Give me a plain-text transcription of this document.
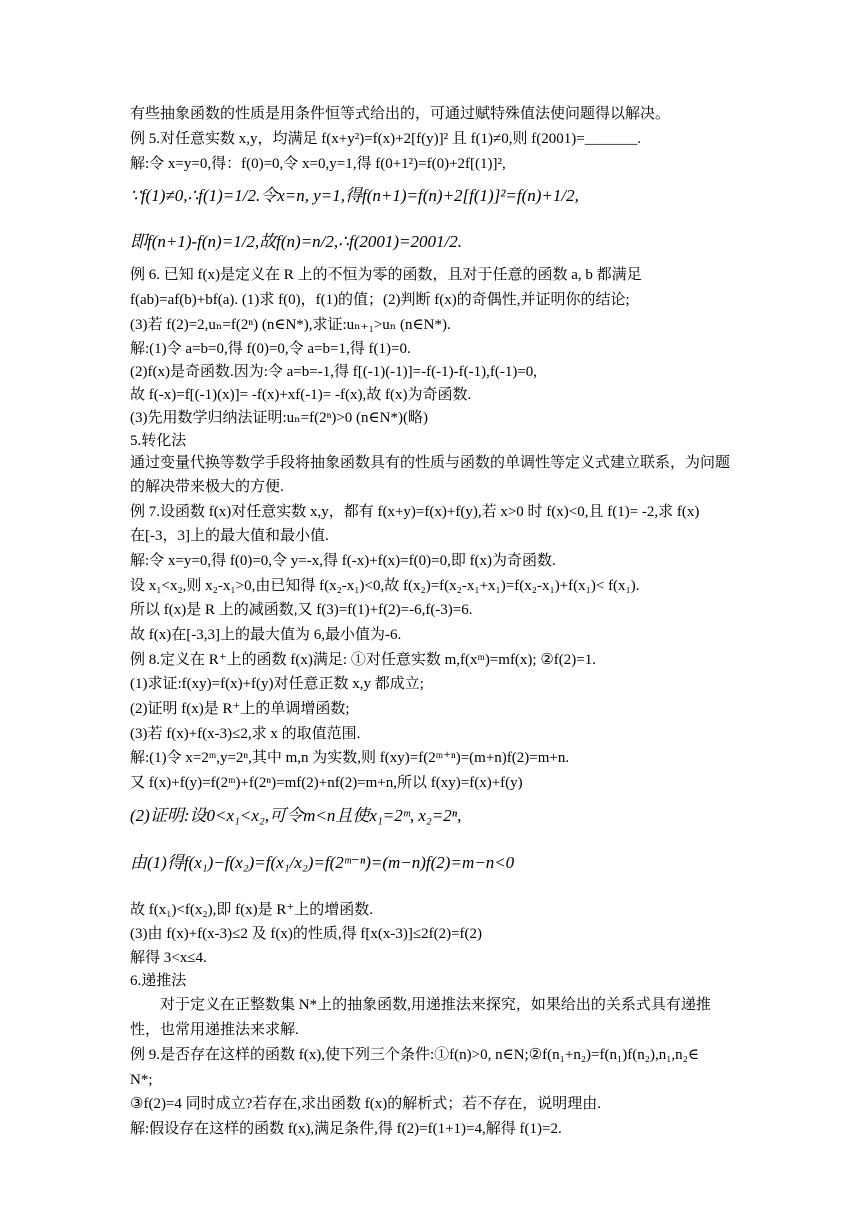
有些抽象函数的性质是用条件恒等式给出的，可通过赋特殊值法使问题得以解决。
例 5.对任意实数 x,y，均满足 f(x+y²)=f(x)+2[f(y)]² 且 f(1)≠0,则 f(2001)=_______.
解:令 x=y=0,得：f(0)=0,令 x=0,y=1,得 f(0+1²)=f(0)+2f[(1)]²,
∵f(1)≠0,∴f(1)=1/2.令x=n, y=1,得f(n+1)=f(n)+2[f(1)]²=f(n)+1/2,
即f(n+1)-f(n)=1/2,故f(n)=n/2,∴f(2001)=2001/2.
例 6. 已知 f(x)是定义在 R 上的不恒为零的函数，且对于任意的函数 a, b 都满足
f(ab)=af(b)+bf(a). (1)求 f(0)，f(1)的值；(2)判断 f(x)的奇偶性,并证明你的结论;
(3)若 f(2)=2,uₙ=f(2ⁿ) (n∈N*),求证:uₙ₊₁>uₙ (n∈N*).
解:(1)令 a=b=0,得 f(0)=0,令 a=b=1,得 f(1)=0.
(2)f(x)是奇函数.因为:令 a=b=-1,得 f[(-1)(-1)]=-f(-1)-f(-1),f(-1)=0,
故 f(-x)=f[(-1)(x)]= -f(x)+xf(-1)= -f(x),故 f(x)为奇函数.
(3)先用数学归纳法证明:uₙ=f(2ⁿ)>0 (n∈N*)(略)
5.转化法
通过变量代换等数学手段将抽象函数具有的性质与函数的单调性等定义式建立联系，为问题
的解决带来极大的方便.
例 7.设函数 f(x)对任意实数 x,y，都有 f(x+y)=f(x)+f(y),若 x>0 时 f(x)<0,且 f(1)= -2,求 f(x)
在[-3，3]上的最大值和最小值.
解:令 x=y=0,得 f(0)=0,令 y=-x,得 f(-x)+f(x)=f(0)=0,即 f(x)为奇函数.
设 x₁<x₂,则 x₂-x₁>0,由已知得 f(x₂-x₁)<0,故 f(x₂)=f(x₂-x₁+x₁)=f(x₂-x₁)+f(x₁)< f(x₁).
所以 f(x)是 R 上的减函数,又 f(3)=f(1)+f(2)=-6,f(-3)=6.
故 f(x)在[-3,3]上的最大值为 6,最小值为-6.
例 8.定义在 R⁺上的函数 f(x)满足: ①对任意实数 m,f(xᵐ)=mf(x); ②f(2)=1.
(1)求证:f(xy)=f(x)+f(y)对任意正数 x,y 都成立;
(2)证明 f(x)是 R⁺上的单调增函数;
(3)若 f(x)+f(x-3)≤2,求 x 的取值范围.
解:(1)令 x=2ᵐ,y=2ⁿ,其中 m,n 为实数,则 f(xy)=f(2ᵐ⁺ⁿ)=(m+n)f(2)=m+n.
又 f(x)+f(y)=f(2ᵐ)+f(2ⁿ)=mf(2)+nf(2)=m+n,所以 f(xy)=f(x)+f(y)
(2)证明:设0<x₁<x₂,可令m<n且使x₁=2ᵐ, x₂=2ⁿ,
由(1)得f(x₁)−f(x₂)=f(x₁/x₂)=f(2ᵐ⁻ⁿ)=(m−n)f(2)=m−n<0
故 f(x₁)<f(x₂),即 f(x)是 R⁺上的增函数.
(3)由 f(x)+f(x-3)≤2 及 f(x)的性质,得 f[x(x-3)]≤2f(2)=f(2)
解得 3<x≤4.
6.递推法
对于定义在正整数集 N*上的抽象函数,用递推法来探究，如果给出的关系式具有递推
性，也常用递推法来求解.
例 9.是否存在这样的函数 f(x),使下列三个条件:①f(n)>0, n∈N;②f(n₁+n₂)=f(n₁)f(n₂),n₁,n₂∈
N*;
③f(2)=4 同时成立?若存在,求出函数 f(x)的解析式；若不存在，说明理由.
解:假设存在这样的函数 f(x),满足条件,得 f(2)=f(1+1)=4,解得 f(1)=2.
